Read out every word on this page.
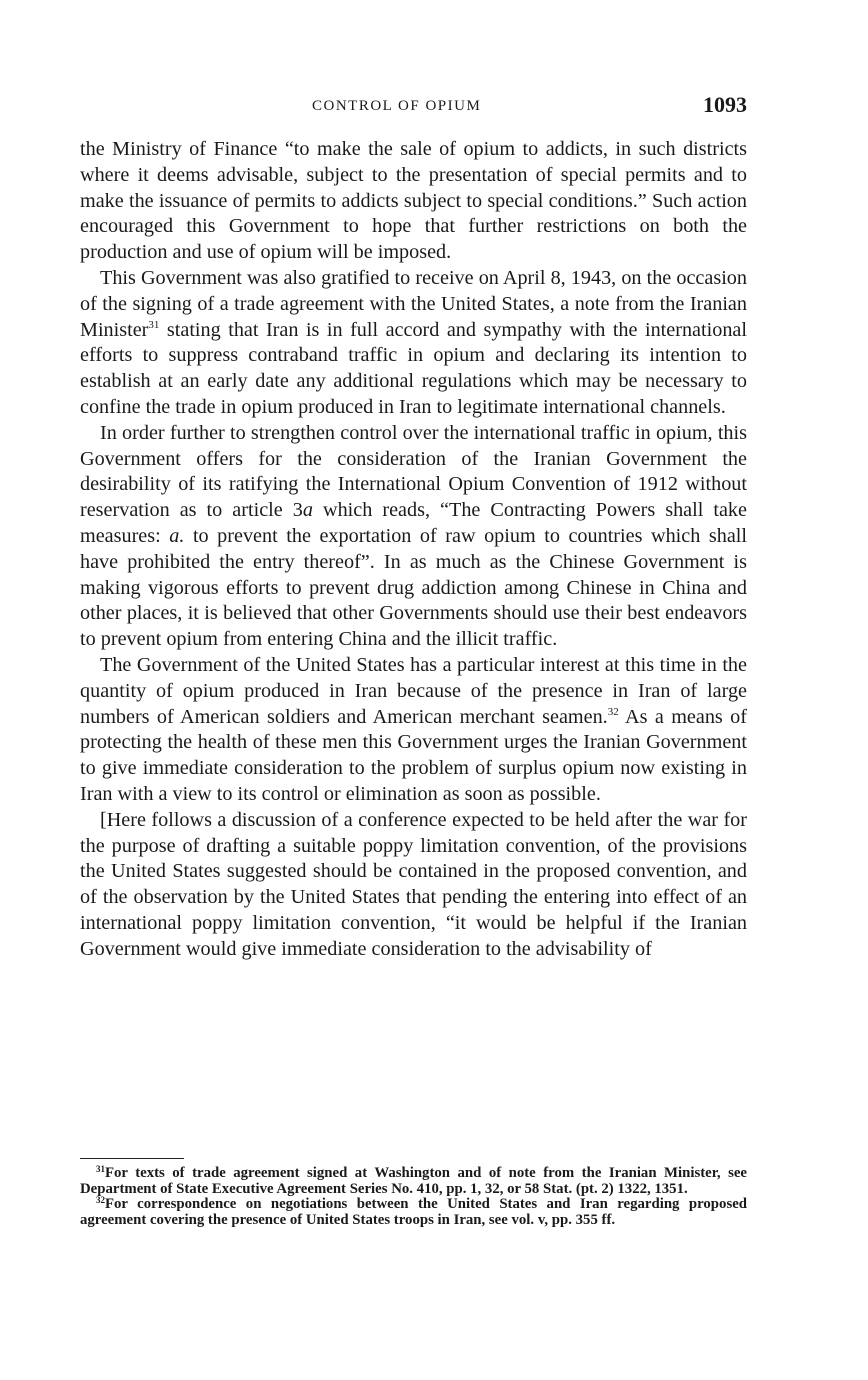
CONTROL OF OPIUM	1093

the Ministry of Finance “to make the sale of opium to addicts, in such districts where it deems advisable, subject to the presentation of special permits and to make the issuance of permits to addicts subject to special conditions.” Such action encouraged this Government to hope that further restrictions on both the production and use of opium will be imposed.

This Government was also gratified to receive on April 8, 1943, on the occasion of the signing of a trade agreement with the United States, a note from the Iranian Minister$^{31}$ stating that Iran is in full accord and sympathy with the international efforts to suppress contraband traffic in opium and declaring its intention to establish at an early date any additional regulations which may be necessary to confine the trade in opium produced in Iran to legitimate international channels.

In order further to strengthen control over the international traffic in opium, this Government offers for the consideration of the Iranian Government the desirability of its ratifying the International Opium Convention of 1912 without reservation as to article 3a which reads, “The Contracting Powers shall take measures: a. to prevent the exportation of raw opium to countries which shall have prohibited the entry thereof”. In as much as the Chinese Government is making vigorous efforts to prevent drug addiction among Chinese in China and other places, it is believed that other Governments should use their best endeavors to prevent opium from entering China and the illicit traffic.

The Government of the United States has a particular interest at this time in the quantity of opium produced in Iran because of the presence in Iran of large numbers of American soldiers and American merchant seamen.$^{32}$ As a means of protecting the health of these men this Government urges the Iranian Government to give immediate consideration to the problem of surplus opium now existing in Iran with a view to its control or elimination as soon as possible.

[Here follows a discussion of a conference expected to be held after the war for the purpose of drafting a suitable poppy limitation convention, of the provisions the United States suggested should be contained in the proposed convention, and of the observation by the United States that pending the entering into effect of an international poppy limitation convention, “it would be helpful if the Iranian Government would give immediate consideration to the advisability of

$^{31}$For texts of trade agreement signed at Washington and of note from the Iranian Minister, see Department of State Executive Agreement Series No. 410, pp. 1, 32, or 58 Stat. (pt. 2) 1322, 1351.

$^{32}$For correspondence on negotiations between the United States and Iran regarding proposed agreement covering the presence of United States troops in Iran, see vol. v, pp. 355 ff.
